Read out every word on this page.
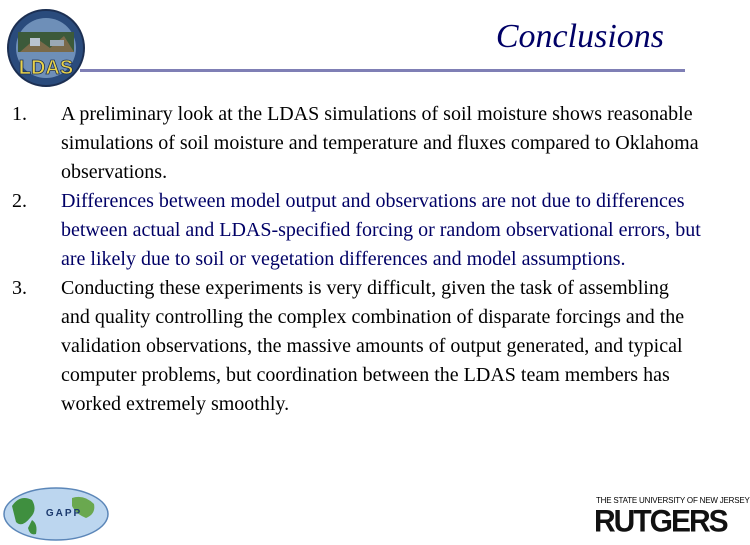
LDAS
Conclusions
1. A preliminary look at the LDAS simulations of soil moisture shows reasonable simulations of soil moisture and temperature and fluxes compared to Oklahoma observations.
2. Differences between model output and observations are not due to differences between actual and LDAS-specified forcing or random observational errors, but are likely due to soil or vegetation differences and model assumptions.
3. Conducting these experiments is very difficult, given the task of assembling and quality controlling the complex combination of disparate forcings and the validation observations, the massive amounts of output generated, and typical computer problems, but coordination between the LDAS team members has worked extremely smoothly.
GAPP
THE STATE UNIVERSITY OF NEW JERSEY
RUTGERS
